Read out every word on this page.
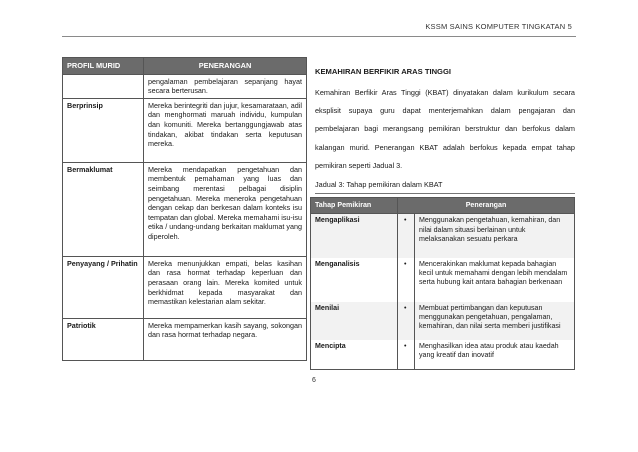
KSSM SAINS KOMPUTER TINGKATAN 5
PROFIL MURID	PENERANGAN
	pengalaman pembelajaran sepanjang hayat secara berterusan.
Berprinsip	Mereka berintegriti dan jujur, kesamarataan, adil dan menghormati maruah individu, kumpulan dan komuniti. Mereka bertanggungjawab atas tindakan, akibat tindakan serta keputusan mereka.
Bermaklumat	Mereka mendapatkan pengetahuan dan membentuk pemahaman yang luas dan seimbang merentasi pelbagai disiplin pengetahuan. Mereka meneroka pengetahuan dengan cekap dan berkesan dalam konteks isu tempatan dan global. Mereka memahami isu-isu etika / undang-undang berkaitan maklumat yang diperoleh.
Penyayang / Prihatin	Mereka menunjukkan empati, belas kasihan dan rasa hormat terhadap keperluan dan perasaan orang lain. Mereka komited untuk berkhidmat kepada masyarakat dan memastikan kelestarian alam sekitar.
Patriotik	Mereka mempamerkan kasih sayang, sokongan dan rasa hormat terhadap negara.
KEMAHIRAN BERFIKIR ARAS TINGGI
Kemahiran Berfikir Aras Tinggi (KBAT) dinyatakan dalam kurikulum secara eksplisit supaya guru dapat menterjemahkan dalam pengajaran dan pembelajaran bagi merangsang pemikiran berstruktur dan berfokus dalam kalangan murid. Penerangan KBAT adalah berfokus kepada empat tahap pemikiran seperti Jadual 3.
Jadual 3: Tahap pemikiran dalam KBAT
Tahap Pemikiran	Penerangan	
Mengaplikasi	•	Menggunakan pengetahuan, kemahiran, dan nilai dalam situasi berlainan untuk melaksanakan sesuatu perkara
Menganalisis	•	Mencerakinkan maklumat kepada bahagian kecil untuk memahami dengan lebih mendalam serta hubung kait antara bahagian berkenaan
Menilai	•	Membuat pertimbangan dan keputusan menggunakan pengetahuan, pengalaman, kemahiran, dan nilai serta memberi justifikasi
Mencipta	•	Menghasilkan idea atau produk atau kaedah yang kreatif dan inovatif
6
